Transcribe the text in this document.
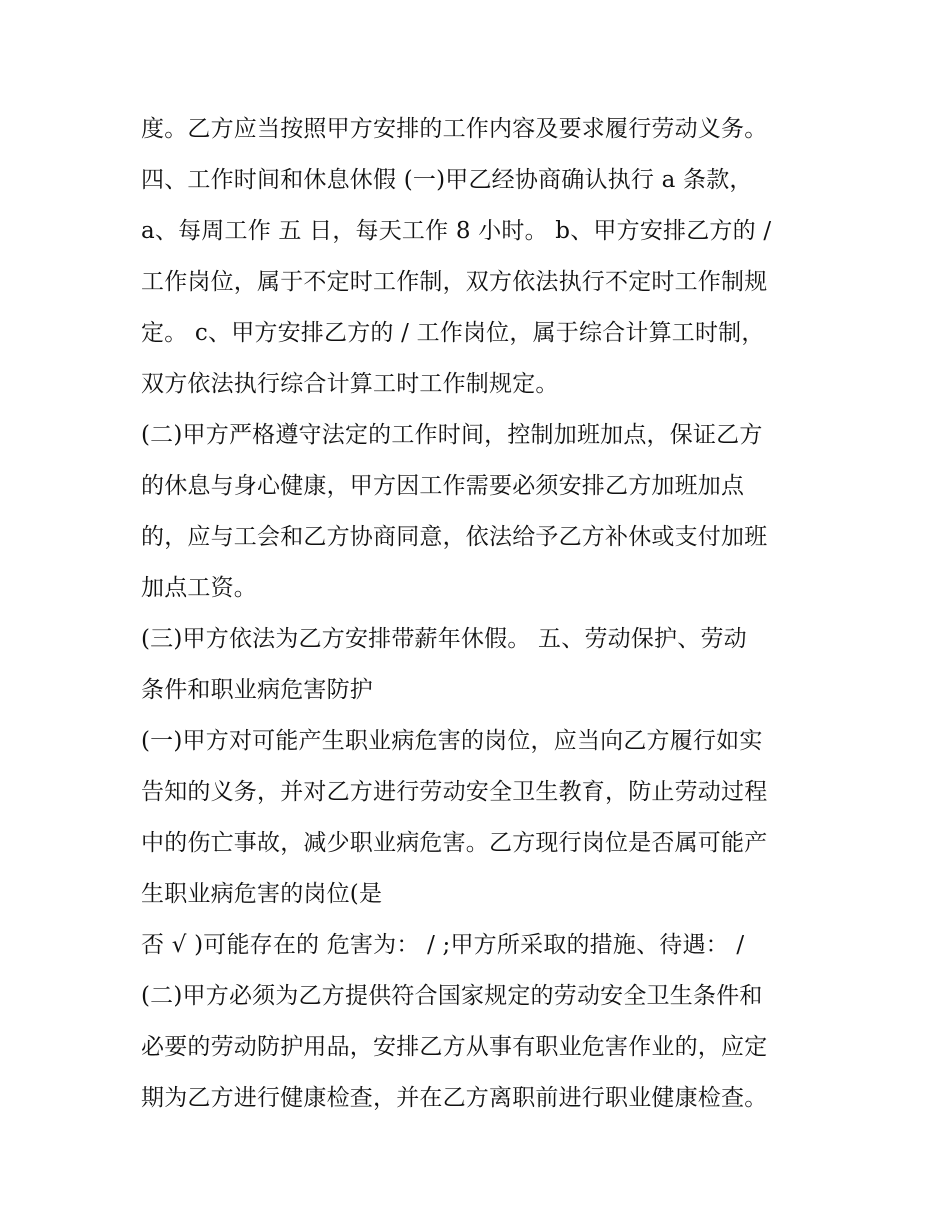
度。乙方应当按照甲方安排的工作内容及要求履行劳动义务。
四、工作时间和休息休假 (一)甲乙经协商确认执行 a 条款，
a、每周工作 五 日，每天工作 8 小时。 b、甲方安排乙方的 /
工作岗位，属于不定时工作制，双方依法执行不定时工作制规
定。 c、甲方安排乙方的 / 工作岗位，属于综合计算工时制，
双方依法执行综合计算工时工作制规定。
(二)甲方严格遵守法定的工作时间，控制加班加点，保证乙方
的休息与身心健康，甲方因工作需要必须安排乙方加班加点
的，应与工会和乙方协商同意，依法给予乙方补休或支付加班
加点工资。
(三)甲方依法为乙方安排带薪年休假。 五、劳动保护、劳动
条件和职业病危害防护
(一)甲方对可能产生职业病危害的岗位，应当向乙方履行如实
告知的义务，并对乙方进行劳动安全卫生教育，防止劳动过程
中的伤亡事故，减少职业病危害。乙方现行岗位是否属可能产
生职业病危害的岗位(是
否 √ )可能存在的 危害为： / ;甲方所采取的措施、待遇： /
(二)甲方必须为乙方提供符合国家规定的劳动安全卫生条件和
必要的劳动防护用品，安排乙方从事有职业危害作业的，应定
期为乙方进行健康检查，并在乙方离职前进行职业健康检查。
